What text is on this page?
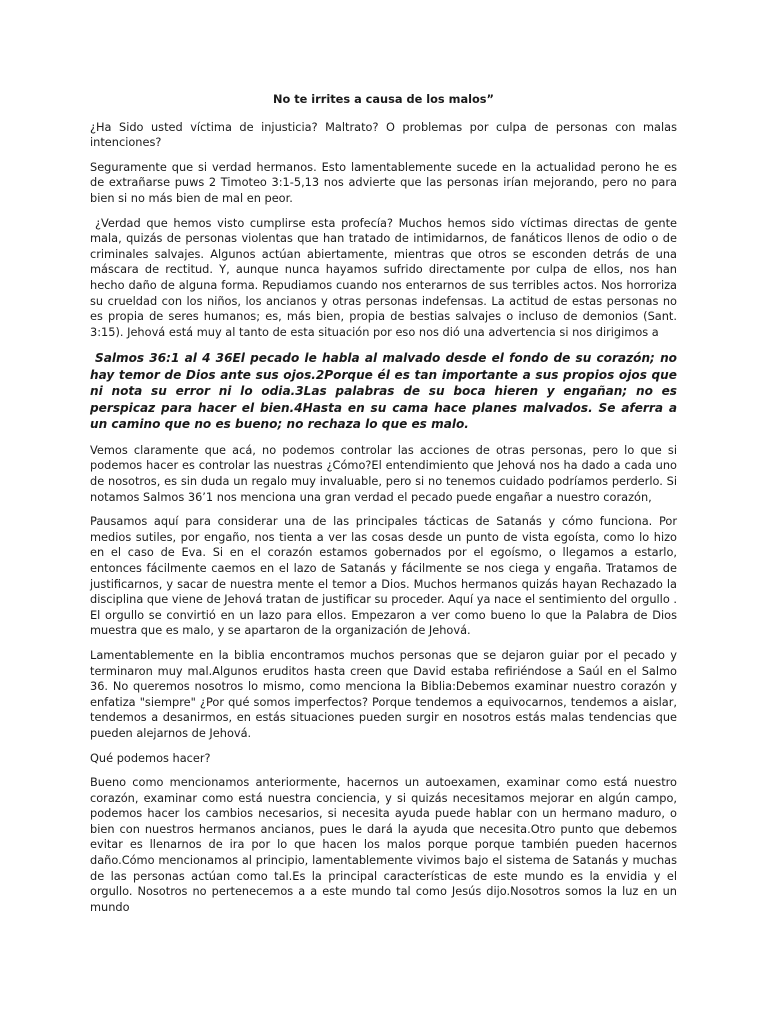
No te irrites a causa de los malos”

¿Ha Sido usted víctima de injusticia? Maltrato? O problemas por culpa de personas con malas intenciones?

Seguramente que si verdad hermanos. Esto lamentablemente sucede en la actualidad perono he es de extrañarse puws 2 Timoteo 3:1-5,13 nos advierte que las personas irían mejorando, pero no para bien si no más bien de mal en peor.

¿Verdad que hemos visto cumplirse esta profecía? Muchos hemos sido víctimas directas de gente mala, quizás de personas violentas que han tratado de intimidarnos, de fanáticos llenos de odio o de criminales salvajes. Algunos actúan abiertamente, mientras que otros se esconden detrás de una máscara de rectitud. Y, aunque nunca hayamos sufrido directamente por culpa de ellos, nos han hecho daño de alguna forma. Repudiamos cuando nos enterarnos de sus terribles actos. Nos horroriza su crueldad con los niños, los ancianos y otras personas indefensas. La actitud de estas personas no es propia de seres humanos; es, más bien, propia de bestias salvajes o incluso de demonios (Sant. 3:15). Jehová está muy al tanto de esta situación por eso nos dió una advertencia si nos dirigimos a

Salmos 36:1 al 4 36El pecado le habla al malvado desde el fondo de su corazón; no hay temor de Dios ante sus ojos.2Porque él es tan importante a sus propios ojos que ni nota su error ni lo odia.3Las palabras de su boca hieren y engañan; no es perspicaz para hacer el bien.4Hasta en su cama hace planes malvados. Se aferra a un camino que no es bueno; no rechaza lo que es malo.

Vemos claramente que acá, no podemos controlar las acciones de otras personas, pero lo que si podemos hacer es controlar las nuestras ¿Cómo?El entendimiento que Jehová nos ha dado a cada uno de nosotros, es sin duda un regalo muy invaluable, pero si no tenemos cuidado podríamos perderlo. Si notamos Salmos 36’1 nos menciona una gran verdad el pecado puede engañar a nuestro corazón,

Pausamos aquí para considerar una de las principales tácticas de Satanás y cómo funciona. Por medios sutiles, por engaño, nos tienta a ver las cosas desde un punto de vista egoísta, como lo hizo en el caso de Eva. Si en el corazón estamos gobernados por el egoísmo, o llegamos a estarlo, entonces fácilmente caemos en el lazo de Satanás y fácilmente se nos ciega y engaña. Tratamos de justificarnos, y sacar de nuestra mente el temor a Dios. Muchos hermanos quizás hayan Rechazado la disciplina que viene de Jehová tratan de justificar su proceder. Aquí ya nace el sentimiento del orgullo . El orgullo se convirtió en un lazo para ellos. Empezaron a ver como bueno lo que la Palabra de Dios muestra que es malo, y se apartaron de la organización de Jehová.

Lamentablemente en la biblia encontramos muchos personas que se dejaron guiar por el pecado y terminaron muy mal.Algunos eruditos hasta creen que David estaba refiriéndose a Saúl en el Salmo 36. No queremos nosotros lo mismo, como menciona la Biblia:Debemos examinar nuestro corazón y enfatiza "siempre" ¿Por qué somos imperfectos? Porque tendemos a equivocarnos, tendemos a aislar, tendemos a desanirmos, en estás situaciones pueden surgir en nosotros estás malas tendencias que pueden alejarnos de Jehová.

Qué podemos hacer?

Bueno como mencionamos anteriormente, hacernos un autoexamen, examinar como está nuestro corazón, examinar como está nuestra conciencia, y si quizás necesitamos mejorar en algún campo, podemos hacer los cambios necesarios, si necesita ayuda puede hablar con un hermano maduro, o bien con nuestros hermanos ancianos, pues le dará la ayuda que necesita.Otro punto que debemos evitar es llenarnos de ira por lo que hacen los malos porque porque también pueden hacernos daño.Cómo mencionamos al principio, lamentablemente vivimos bajo el sistema de Satanás y muchas de las personas actúan como tal.Es la principal características de este mundo es la envidia y el orgullo. Nosotros no pertenecemos a a este mundo tal como Jesús dijo.Nosotros somos la luz en un mundo
